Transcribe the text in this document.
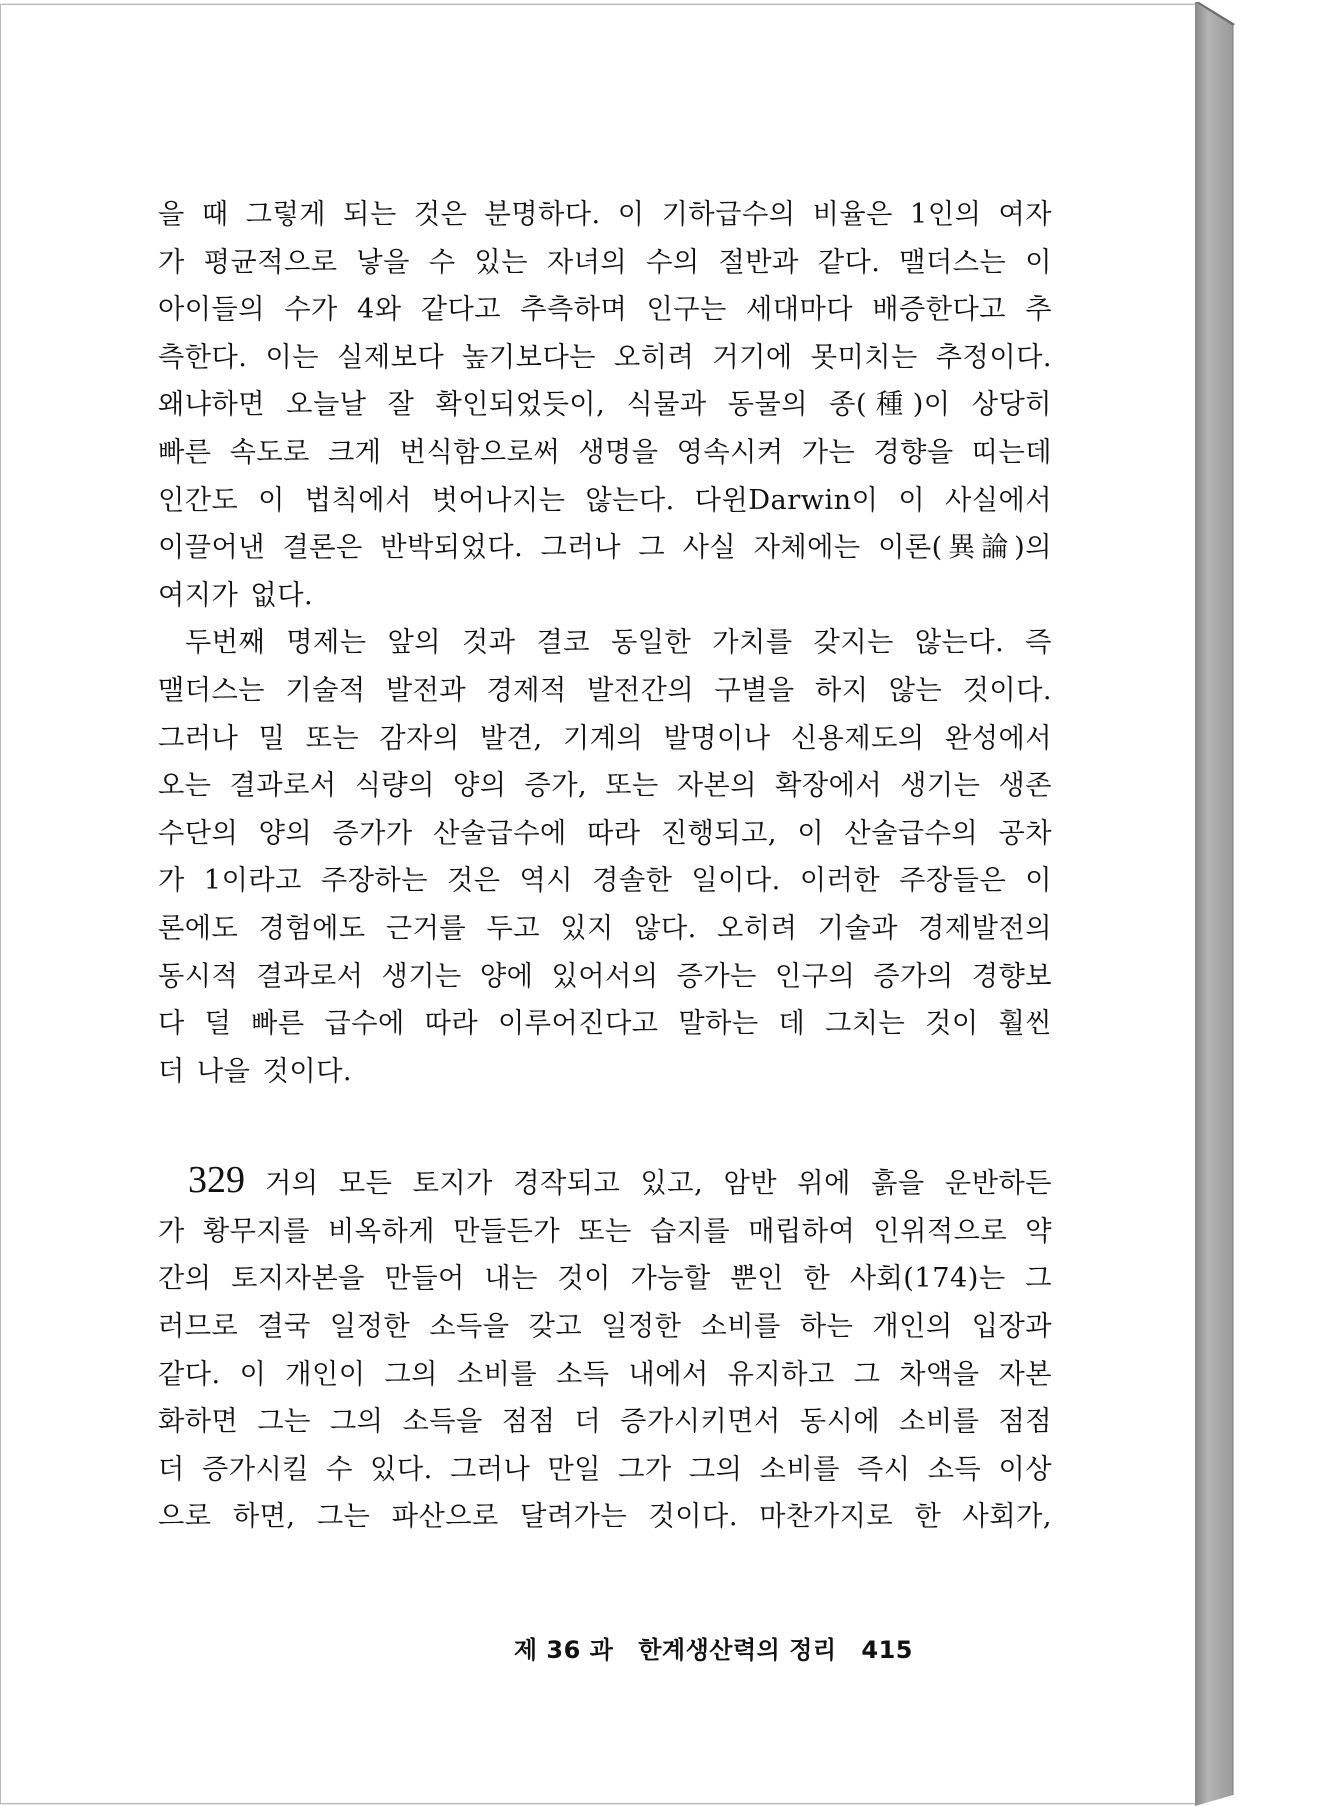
을 때 그렇게 되는 것은 분명하다. 이 기하급수의 비율은 1인의 여자
가 평균적으로 낳을 수 있는 자녀의 수의 절반과 같다. 맬더스는 이
아이들의 수가 4와 같다고 추측하며 인구는 세대마다 배증한다고 추
측한다. 이는 실제보다 높기보다는 오히려 거기에 못미치는 추정이다.
왜냐하면 오늘날 잘 확인되었듯이, 식물과 동물의 종(種)이 상당히
빠른 속도로 크게 번식함으로써 생명을 영속시켜 가는 경향을 띠는데
인간도 이 법칙에서 벗어나지는 않는다. 다윈Darwin이 이 사실에서
이끌어낸 결론은 반박되었다. 그러나 그 사실 자체에는 이론(異論)의
여지가 없다.

두번째 명제는 앞의 것과 결코 동일한 가치를 갖지는 않는다. 즉
맬더스는 기술적 발전과 경제적 발전간의 구별을 하지 않는 것이다.
그러나 밀 또는 감자의 발견, 기계의 발명이나 신용제도의 완성에서
오는 결과로서 식량의 양의 증가, 또는 자본의 확장에서 생기는 생존
수단의 양의 증가가 산술급수에 따라 진행되고, 이 산술급수의 공차
가 1이라고 주장하는 것은 역시 경솔한 일이다. 이러한 주장들은 이
론에도 경험에도 근거를 두고 있지 않다. 오히려 기술과 경제발전의
동시적 결과로서 생기는 양에 있어서의 증가는 인구의 증가의 경향보
다 덜 빠른 급수에 따라 이루어진다고 말하는 데 그치는 것이 훨씬
더 나을 것이다.

329 거의 모든 토지가 경작되고 있고, 암반 위에 흙을 운반하든
가 황무지를 비옥하게 만들든가 또는 습지를 매립하여 인위적으로 약
간의 토지자본을 만들어 내는 것이 가능할 뿐인 한 사회(174)는 그
러므로 결국 일정한 소득을 갖고 일정한 소비를 하는 개인의 입장과
같다. 이 개인이 그의 소비를 소득 내에서 유지하고 그 차액을 자본
화하면 그는 그의 소득을 점점 더 증가시키면서 동시에 소비를 점점
더 증가시킬 수 있다. 그러나 만일 그가 그의 소비를 즉시 소득 이상
으로 하면, 그는 파산으로 달려가는 것이다. 마찬가지로 한 사회가,

제 36 과 한계생산력의 정리 415
